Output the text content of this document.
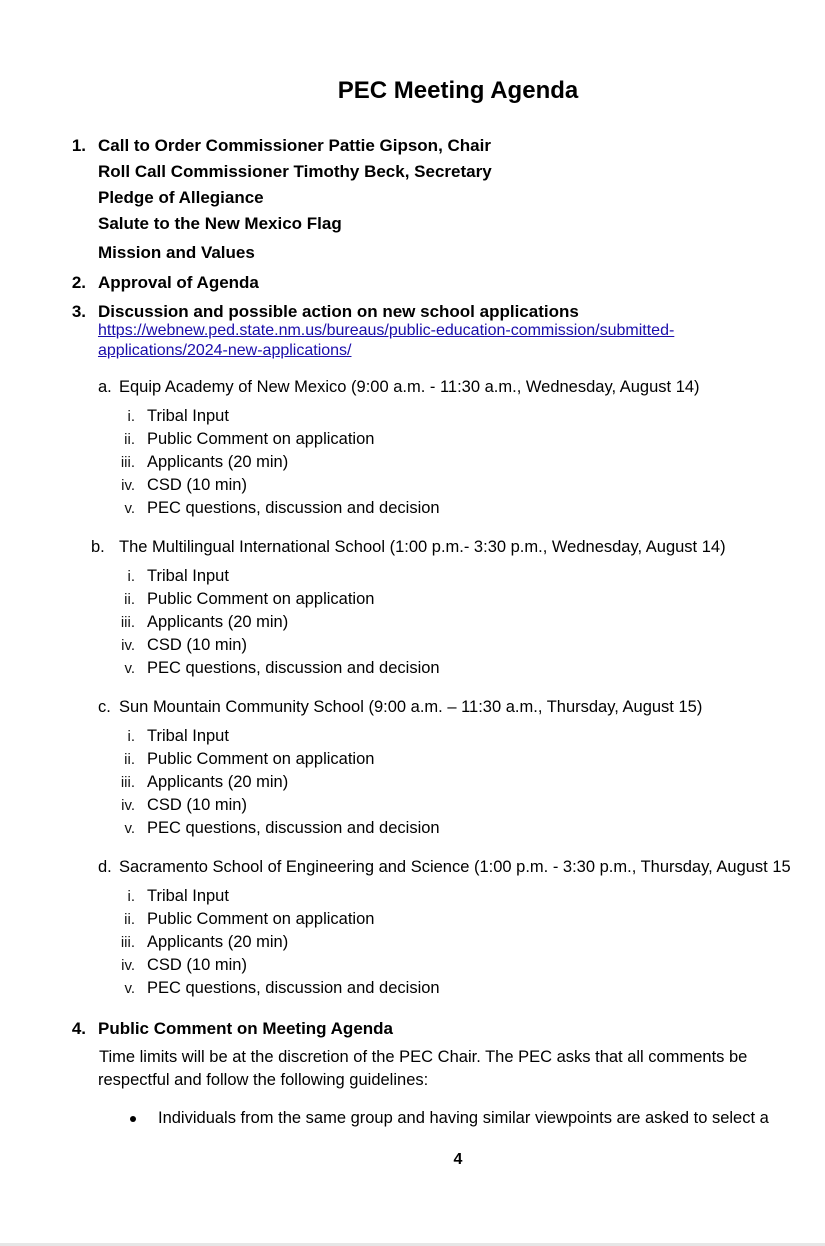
PEC Meeting Agenda
1. Call to Order Commissioner Pattie Gipson, Chair
Roll Call Commissioner Timothy Beck, Secretary
Pledge of Allegiance
Salute to the New Mexico Flag
Mission and Values
2. Approval of Agenda
3. Discussion and possible action on new school applications
https://webnew.ped.state.nm.us/bureaus/public-education-commission/submitted-
applications/2024-new-applications/
a. Equip Academy of New Mexico (9:00 a.m. - 11:30 a.m., Wednesday, August 14)
i. Tribal Input
ii. Public Comment on application
iii. Applicants (20 min)
iv. CSD (10 min)
v. PEC questions, discussion and decision
b. The Multilingual International School (1:00 p.m.- 3:30 p.m., Wednesday, August 14)
i. Tribal Input
ii. Public Comment on application
iii. Applicants (20 min)
iv. CSD (10 min)
v. PEC questions, discussion and decision
c. Sun Mountain Community School (9:00 a.m. – 11:30 a.m., Thursday, August 15)
i. Tribal Input
ii. Public Comment on application
iii. Applicants (20 min)
iv. CSD (10 min)
v. PEC questions, discussion and decision
d. Sacramento School of Engineering and Science (1:00 p.m. - 3:30 p.m., Thursday, August 15
i. Tribal Input
ii. Public Comment on application
iii. Applicants (20 min)
iv. CSD (10 min)
v. PEC questions, discussion and decision
4. Public Comment on Meeting Agenda
Time limits will be at the discretion of the PEC Chair. The PEC asks that all comments be
respectful and follow the following guidelines:
Individuals from the same group and having similar viewpoints are asked to select a
4
